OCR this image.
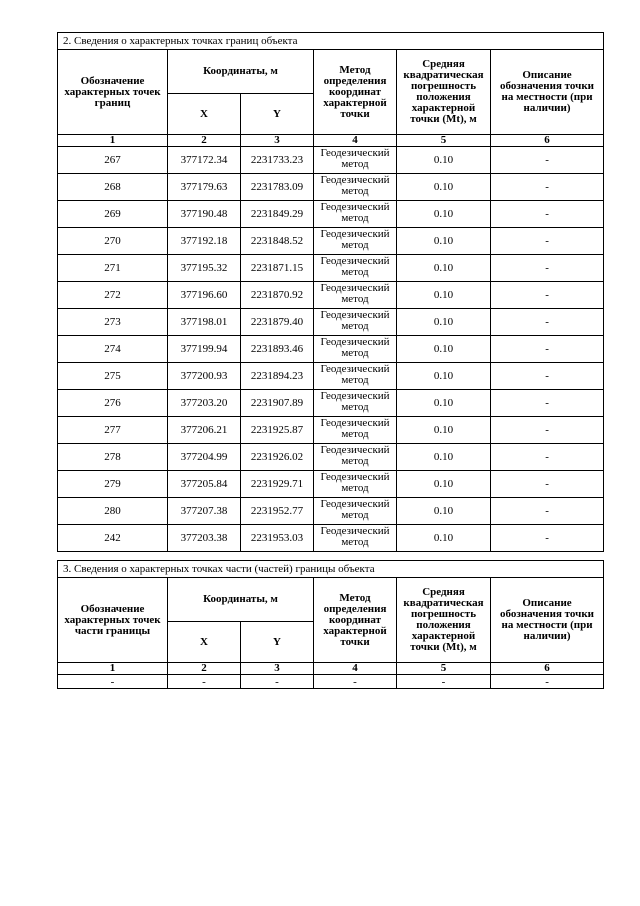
2. Сведения о характерных точках границ объекта					
Обозначение характерных точек границ	Координаты, м		Метод определения координат характерной точки	Средняя квадратическая погрешность положения характерной точки (Mt), м	Описание обозначения точки на местности (при наличии)
	X	Y			
1	2	3	4	5	6
267	377172.34	2231733.23	Геодезический метод	0.10	-
268	377179.63	2231783.09	Геодезический метод	0.10	-
269	377190.48	2231849.29	Геодезический метод	0.10	-
270	377192.18	2231848.52	Геодезический метод	0.10	-
271	377195.32	2231871.15	Геодезический метод	0.10	-
272	377196.60	2231870.92	Геодезический метод	0.10	-
273	377198.01	2231879.40	Геодезический метод	0.10	-
274	377199.94	2231893.46	Геодезический метод	0.10	-
275	377200.93	2231894.23	Геодезический метод	0.10	-
276	377203.20	2231907.89	Геодезический метод	0.10	-
277	377206.21	2231925.87	Геодезический метод	0.10	-
278	377204.99	2231926.02	Геодезический метод	0.10	-
279	377205.84	2231929.71	Геодезический метод	0.10	-
280	377207.38	2231952.77	Геодезический метод	0.10	-
242	377203.38	2231953.03	Геодезический метод	0.10	-
3. Сведения о характерных точках части (частей) границы объекта					
Обозначение характерных точек части границы	Координаты, м		Метод определения координат характерной точки	Средняя квадратическая погрешность положения характерной точки (Mt), м	Описание обозначения точки на местности (при наличии)
	X	Y			
1	2	3	4	5	6
-	-	-	-	-	-
